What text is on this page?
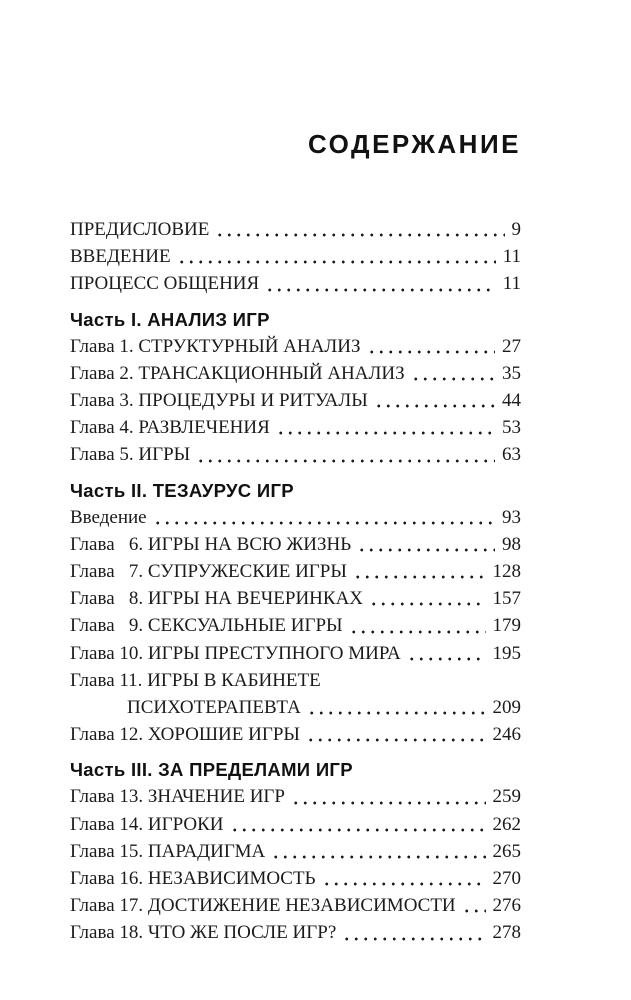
СОДЕРЖАНИЕ
ПРЕДИСЛОВИЕ	9
ВВЕДЕНИЕ	11
ПРОЦЕСС ОБЩЕНИЯ	11
Часть I. АНАЛИЗ ИГР
Глава 1. СТРУКТУРНЫЙ АНАЛИЗ	27
Глава 2. ТРАНСАКЦИОННЫЙ АНАЛИЗ	35
Глава 3. ПРОЦЕДУРЫ И РИТУАЛЫ	44
Глава 4. РАЗВЛЕЧЕНИЯ	53
Глава 5. ИГРЫ	63
Часть II. ТЕЗАУРУС ИГР
Введение	93
Глава  6. ИГРЫ НА ВСЮ ЖИЗНЬ	98
Глава  7. СУПРУЖЕСКИЕ ИГРЫ	128
Глава  8. ИГРЫ НА ВЕЧЕРИНКАХ	157
Глава  9. СЕКСУАЛЬНЫЕ ИГРЫ	179
Глава 10. ИГРЫ ПРЕСТУПНОГО МИРА	195
Глава 11. ИГРЫ В КАБИНЕТЕ
ПСИХОТЕРАПЕВТА	209
Глава 12. ХОРОШИЕ ИГРЫ	246
Часть III. ЗА ПРЕДЕЛАМИ ИГР
Глава 13. ЗНАЧЕНИЕ ИГР	259
Глава 14. ИГРОКИ	262
Глава 15. ПАРАДИГМА	265
Глава 16. НЕЗАВИСИМОСТЬ	270
Глава 17. ДОСТИЖЕНИЕ НЕЗАВИСИМОСТИ 276
Глава 18. ЧТО ЖЕ ПОСЛЕ ИГР?	278
